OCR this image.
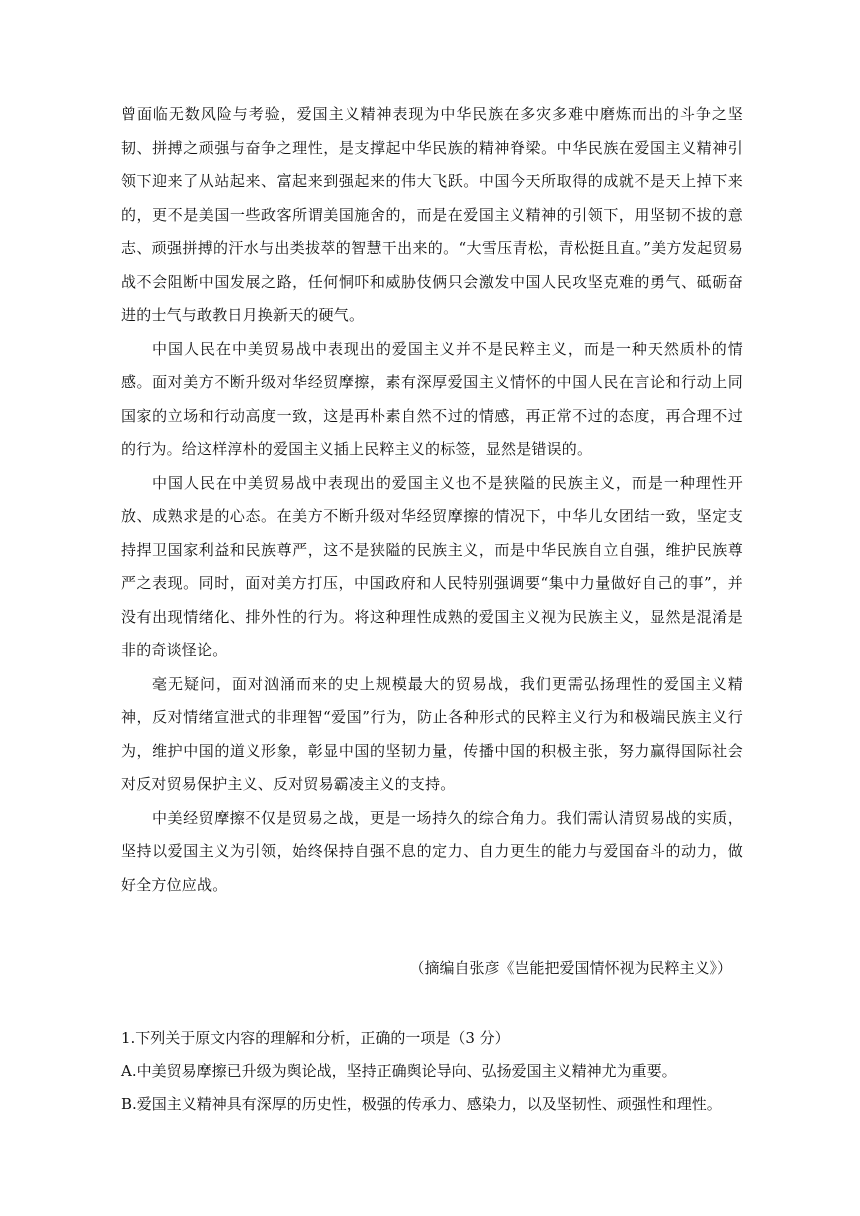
曾面临无数风险与考验，爱国主义精神表现为中华民族在多灾多难中磨炼而出的斗争之坚韧、拼搏之顽强与奋争之理性，是支撑起中华民族的精神脊梁。中华民族在爱国主义精神引领下迎来了从站起来、富起来到强起来的伟大飞跃。中国今天所取得的成就不是天上掉下来的，更不是美国一些政客所谓美国施舍的，而是在爱国主义精神的引领下，用坚韧不拔的意志、顽强拼搏的汗水与出类拔萃的智慧干出来的。“大雪压青松，青松挺且直。”美方发起贸易战不会阻断中国发展之路，任何恫吓和威胁伎俩只会激发中国人民攻坚克难的勇气、砥砺奋进的士气与敢教日月换新天的硬气。

中国人民在中美贸易战中表现出的爱国主义并不是民粹主义，而是一种天然质朴的情感。面对美方不断升级对华经贸摩擦，素有深厚爱国主义情怀的中国人民在言论和行动上同国家的立场和行动高度一致，这是再朴素自然不过的情感，再正常不过的态度，再合理不过的行为。给这样淳朴的爱国主义插上民粹主义的标签，显然是错误的。

中国人民在中美贸易战中表现出的爱国主义也不是狭隘的民族主义，而是一种理性开放、成熟求是的心态。在美方不断升级对华经贸摩擦的情况下，中华儿女团结一致，坚定支持捍卫国家利益和民族尊严，这不是狭隘的民族主义，而是中华民族自立自强，维护民族尊严之表现。同时，面对美方打压，中国政府和人民特别强调要“集中力量做好自己的事”，并没有出现情绪化、排外性的行为。将这种理性成熟的爱国主义视为民族主义，显然是混淆是非的奇谈怪论。

毫无疑问，面对汹涌而来的史上规模最大的贸易战，我们更需弘扬理性的爱国主义精神，反对情绪宣泄式的非理智“爱国”行为，防止各种形式的民粹主义行为和极端民族主义行为，维护中国的道义形象，彰显中国的坚韧力量，传播中国的积极主张，努力赢得国际社会对反对贸易保护主义、反对贸易霸凌主义的支持。

中美经贸摩擦不仅是贸易之战，更是一场持久的综合角力。我们需认清贸易战的实质，坚持以爱国主义为引领，始终保持自强不息的定力、自力更生的能力与爱国奋斗的动力，做好全方位应战。

（摘编自张彦《岂能把爱国情怀视为民粹主义》）

1.下列关于原文内容的理解和分析，正确的一项是（3 分）

A.中美贸易摩擦已升级为舆论战，坚持正确舆论导向、弘扬爱国主义精神尤为重要。

B.爱国主义精神具有深厚的历史性，极强的传承力、感染力，以及坚韧性、顽强性和理性。
